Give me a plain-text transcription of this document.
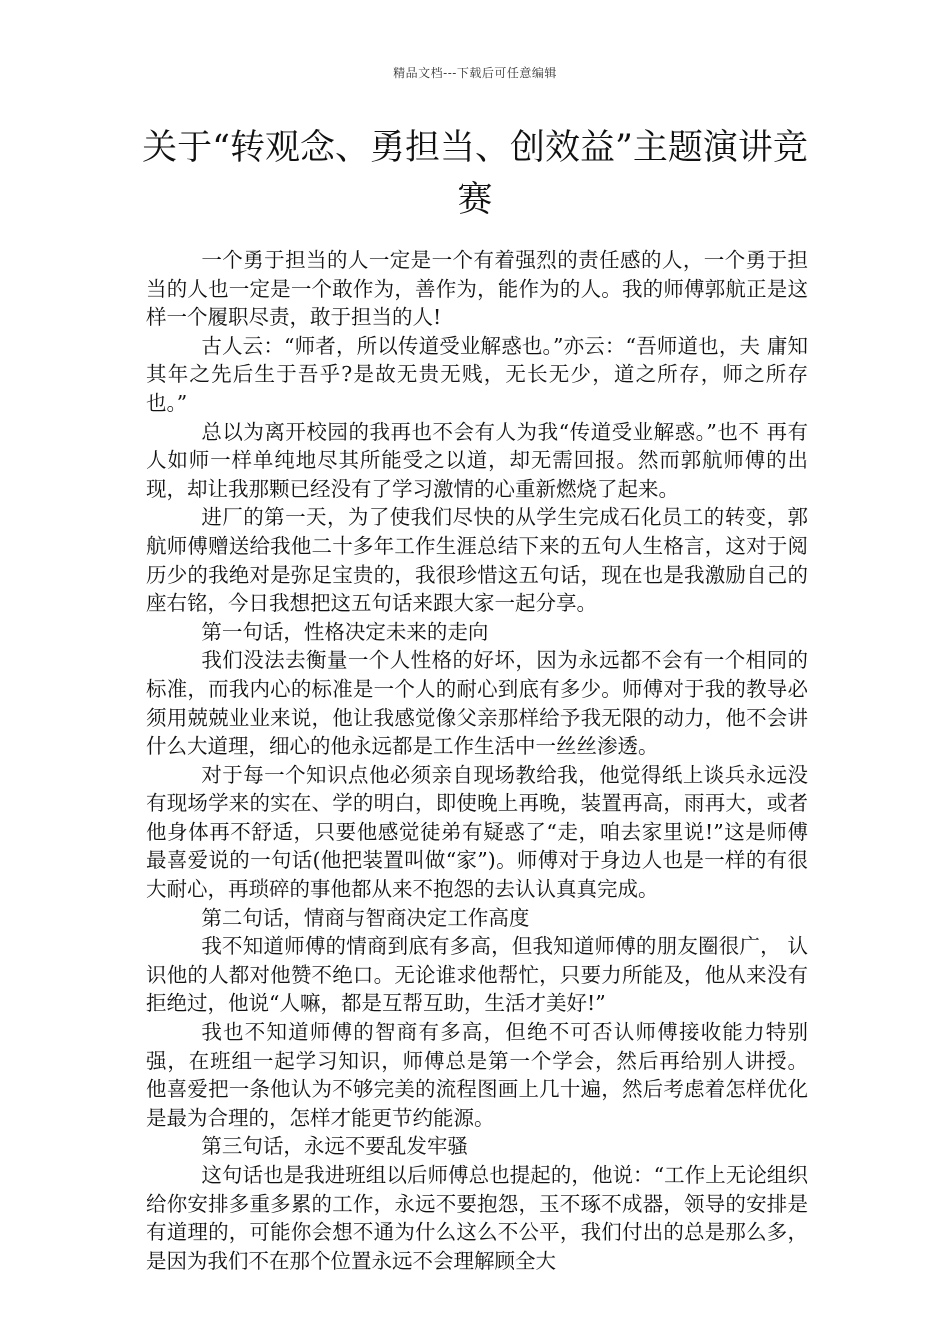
精品文档---下载后可任意编辑
关于“转观念、勇担当、创效益”主题演讲竞赛

一个勇于担当的人一定是一个有着强烈的责任感的人，一个勇于担当的人也一定是一个敢作为，善作为，能作为的人。我的师傅郭航正是这样一个履职尽责，敢于担当的人!

古人云：“师者，所以传道受业解惑也。”亦云：“吾师道也，夫 庸知其年之先后生于吾乎?是故无贵无贱，无长无少，道之所存，师之所存也。”

总以为离开校园的我再也不会有人为我“传道受业解惑。”也不 再有人如师一样单纯地尽其所能受之以道，却无需回报。然而郭航师傅的出现，却让我那颗已经没有了学习激情的心重新燃烧了起来。

进厂的第一天，为了使我们尽快的从学生完成石化员工的转变，郭航师傅赠送给我他二十多年工作生涯总结下来的五句人生格言，这对于阅历少的我绝对是弥足宝贵的，我很珍惜这五句话，现在也是我激励自己的座右铭，今日我想把这五句话来跟大家一起分享。

第一句话，性格决定未来的走向

我们没法去衡量一个人性格的好坏，因为永远都不会有一个相同的标准，而我内心的标准是一个人的耐心到底有多少。师傅对于我的教导必须用兢兢业业来说，他让我感觉像父亲那样给予我无限的动力，他不会讲什么大道理，细心的他永远都是工作生活中一丝丝渗透。

对于每一个知识点他必须亲自现场教给我，他觉得纸上谈兵永远没有现场学来的实在、学的明白，即使晚上再晚，装置再高，雨再大，或者他身体再不舒适，只要他感觉徒弟有疑惑了“走，咱去家里说!”这是师傅最喜爱说的一句话(他把装置叫做“家”)。师傅对于身边人也是一样的有很大耐心，再琐碎的事他都从来不抱怨的去认认真真完成。

第二句话，情商与智商决定工作高度

我不知道师傅的情商到底有多高，但我知道师傅的朋友圈很广， 认识他的人都对他赞不绝口。无论谁求他帮忙，只要力所能及，他从来没有拒绝过，他说“人嘛，都是互帮互助，生活才美好!”

我也不知道师傅的智商有多高，但绝不可否认师傅接收能力特别强，在班组一起学习知识，师傅总是第一个学会，然后再给别人讲授。 他喜爱把一条他认为不够完美的流程图画上几十遍，然后考虑着怎样优化是最为合理的，怎样才能更节约能源。

第三句话，永远不要乱发牢骚

这句话也是我进班组以后师傅总也提起的，他说：“工作上无论组织给你安排多重多累的工作，永远不要抱怨，玉不琢不成器，领导的安排是有道理的，可能你会想不通为什么这么不公平，我们付出的总是那么多，是因为我们不在那个位置永远不会理解顾全大
